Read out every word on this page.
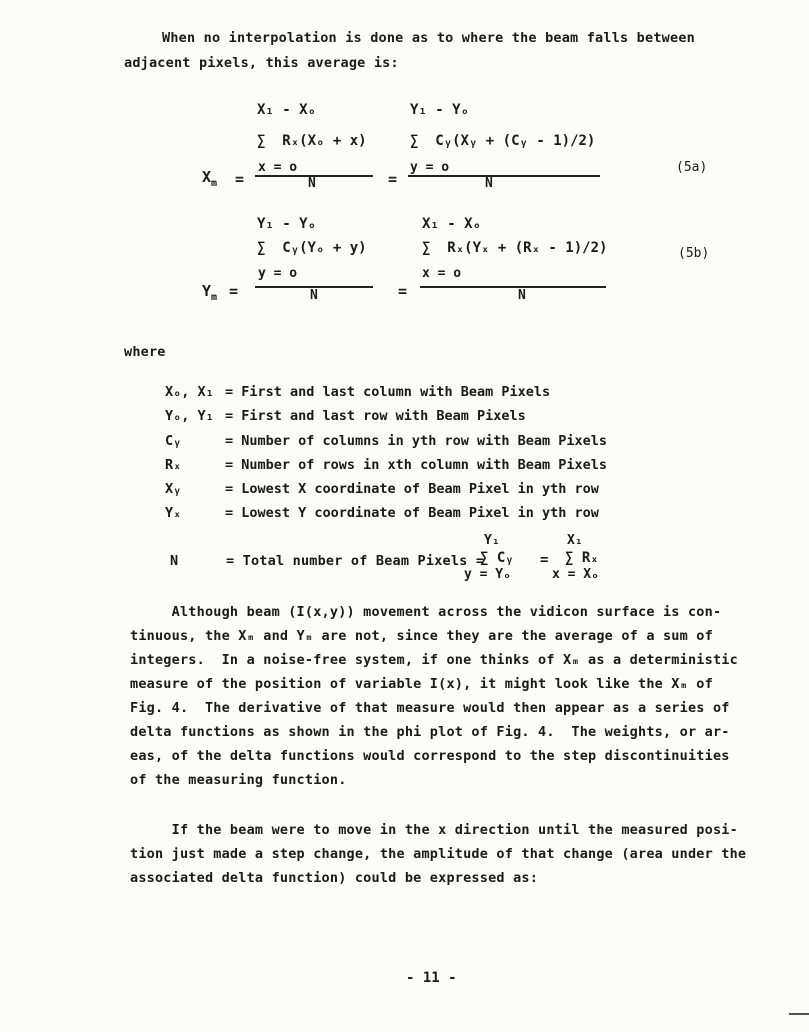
When no interpolation is done as to where the beam falls between
adjacent pixels, this average is:
X₁ - Xₒ
∑  Rₓ(Xₒ + x)
x = o
N
$X_m$ =	=
Y₁ - Yₒ
∑  Cᵧ(Xᵧ + (Cᵧ - 1)/2)
y = o
N
(5a)
Y₁ - Yₒ
∑  Cᵧ(Yₒ + y)
y = o
N
$Y_m$ =	=
X₁ - Xₒ
∑  Rₓ(Yₓ + (Rₓ - 1)/2)
x = o
N
(5b)
where
Xₒ, X₁ = First and last column with Beam Pixels
Yₒ, Y₁ = First and last row with Beam Pixels
Cᵧ	= Number of columns in yth row with Beam Pixels
Rₓ	= Number of rows in xth column with Beam Pixels
Xᵧ	= Lowest X coordinate of Beam Pixel in yth row
Yₓ	= Lowest Y coordinate of Beam Pixel in yth row
N	= Total number of Beam Pixels =
Y₁
∑ Cᵧ
y = Yₒ
=
X₁
∑ Rₓ
x = Xₒ
Although beam (I(x,y)) movement across the vidicon surface is con-
tinuous, the Xₘ and Yₘ are not, since they are the average of a sum of
integers.  In a noise-free system, if one thinks of Xₘ as a deterministic
measure of the position of variable I(x), it might look like the Xₘ of
Fig. 4.  The derivative of that measure would then appear as a series of
delta functions as shown in the phi plot of Fig. 4.  The weights, or ar-
eas, of the delta functions would correspond to the step discontinuities
of the measuring function.
If the beam were to move in the x direction until the measured posi-
tion just made a step change, the amplitude of that change (area under the
associated delta function) could be expressed as:
- 11 -
